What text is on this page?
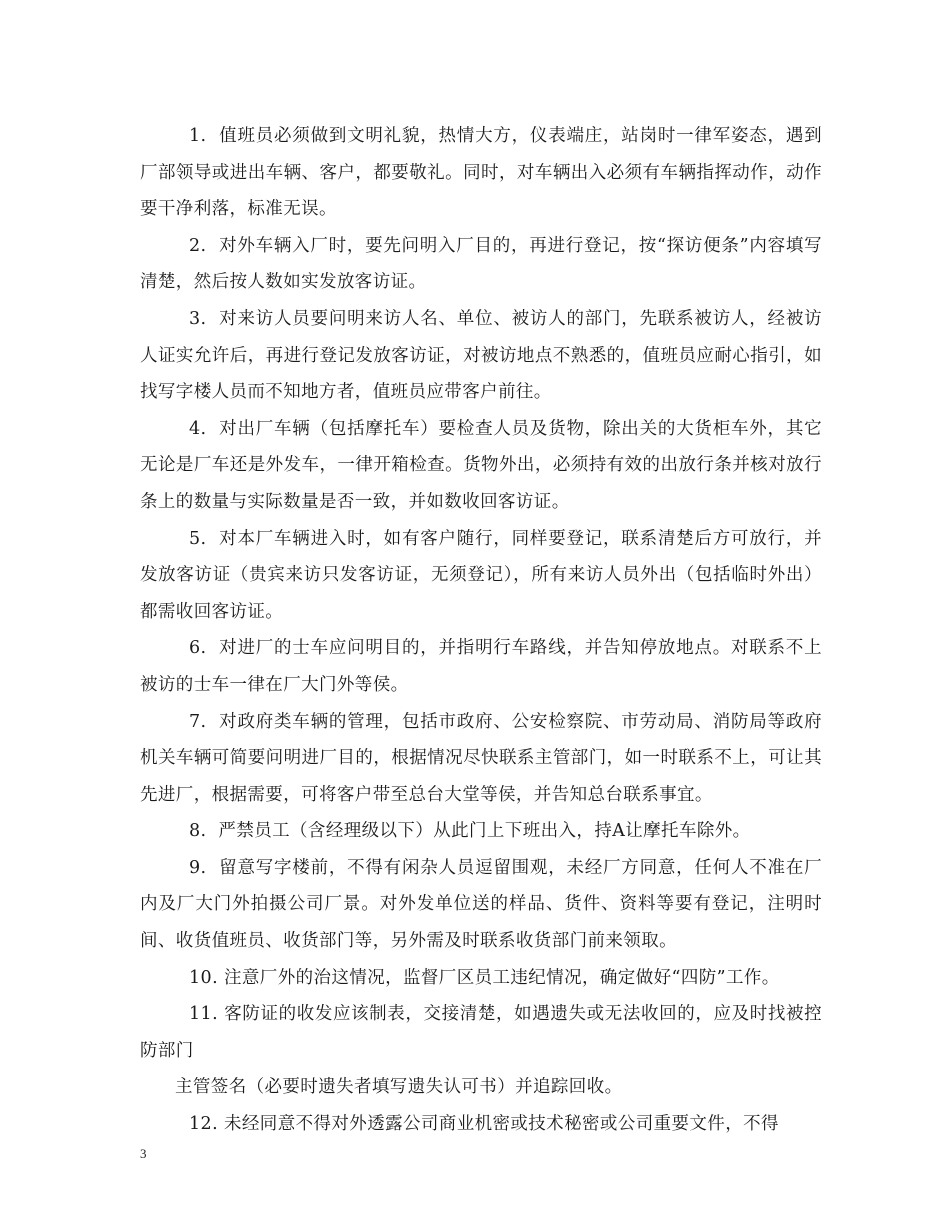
1.  值班员必须做到文明礼貌，热情大方，仪表端庄，站岗时一律军姿态，遇到厂部领导或进出车辆、客户，都要敬礼。同时，对车辆出入必须有车辆指挥动作，动作要干净利落，标准无误。

2.  对外车辆入厂时，要先问明入厂目的，再进行登记，按“探访便条”内容填写清楚，然后按人数如实发放客访证。

3.  对来访人员要问明来访人名、单位、被访人的部门，先联系被访人，经被访人证实允许后，再进行登记发放客访证，对被访地点不熟悉的，值班员应耐心指引，如找写字楼人员而不知地方者，值班员应带客户前往。

4.  对出厂车辆（包括摩托车）要检查人员及货物，除出关的大货柜车外，其它无论是厂车还是外发车，一律开箱检查。货物外出，必须持有效的出放行条并核对放行条上的数量与实际数量是否一致，并如数收回客访证。

5.  对本厂车辆进入时，如有客户随行，同样要登记，联系清楚后方可放行，并发放客访证（贵宾来访只发客访证，无须登记），所有来访人员外出（包括临时外出）都需收回客访证。

6.  对进厂的士车应问明目的，并指明行车路线，并告知停放地点。对联系不上被访的士车一律在厂大门外等侯。

7.  对政府类车辆的管理，包括市政府、公安检察院、市劳动局、消防局等政府机关车辆可简要问明进厂目的，根据情况尽快联系主管部门，如一时联系不上，可让其先进厂，根据需要，可将客户带至总台大堂等侯，并告知总台联系事宜。

8.  严禁员工（含经理级以下）从此门上下班出入，持A让摩托车除外。

9.  留意写字楼前，不得有闲杂人员逗留围观，未经厂方同意，任何人不准在厂内及厂大门外拍摄公司厂景。对外发单位送的样品、货件、资料等要有登记，注明时间、收货值班员、收货部门等，另外需及时联系收货部门前来领取。

10. 注意厂外的治这情况，监督厂区员工违纪情况，确定做好“四防”工作。

11. 客防证的收发应该制表，交接清楚，如遇遗失或无法收回的，应及时找被控防部门

主管签名（必要时遗失者填写遗失认可书）并追踪回收。

12. 未经同意不得对外透露公司商业机密或技术秘密或公司重要文件，不得

3
